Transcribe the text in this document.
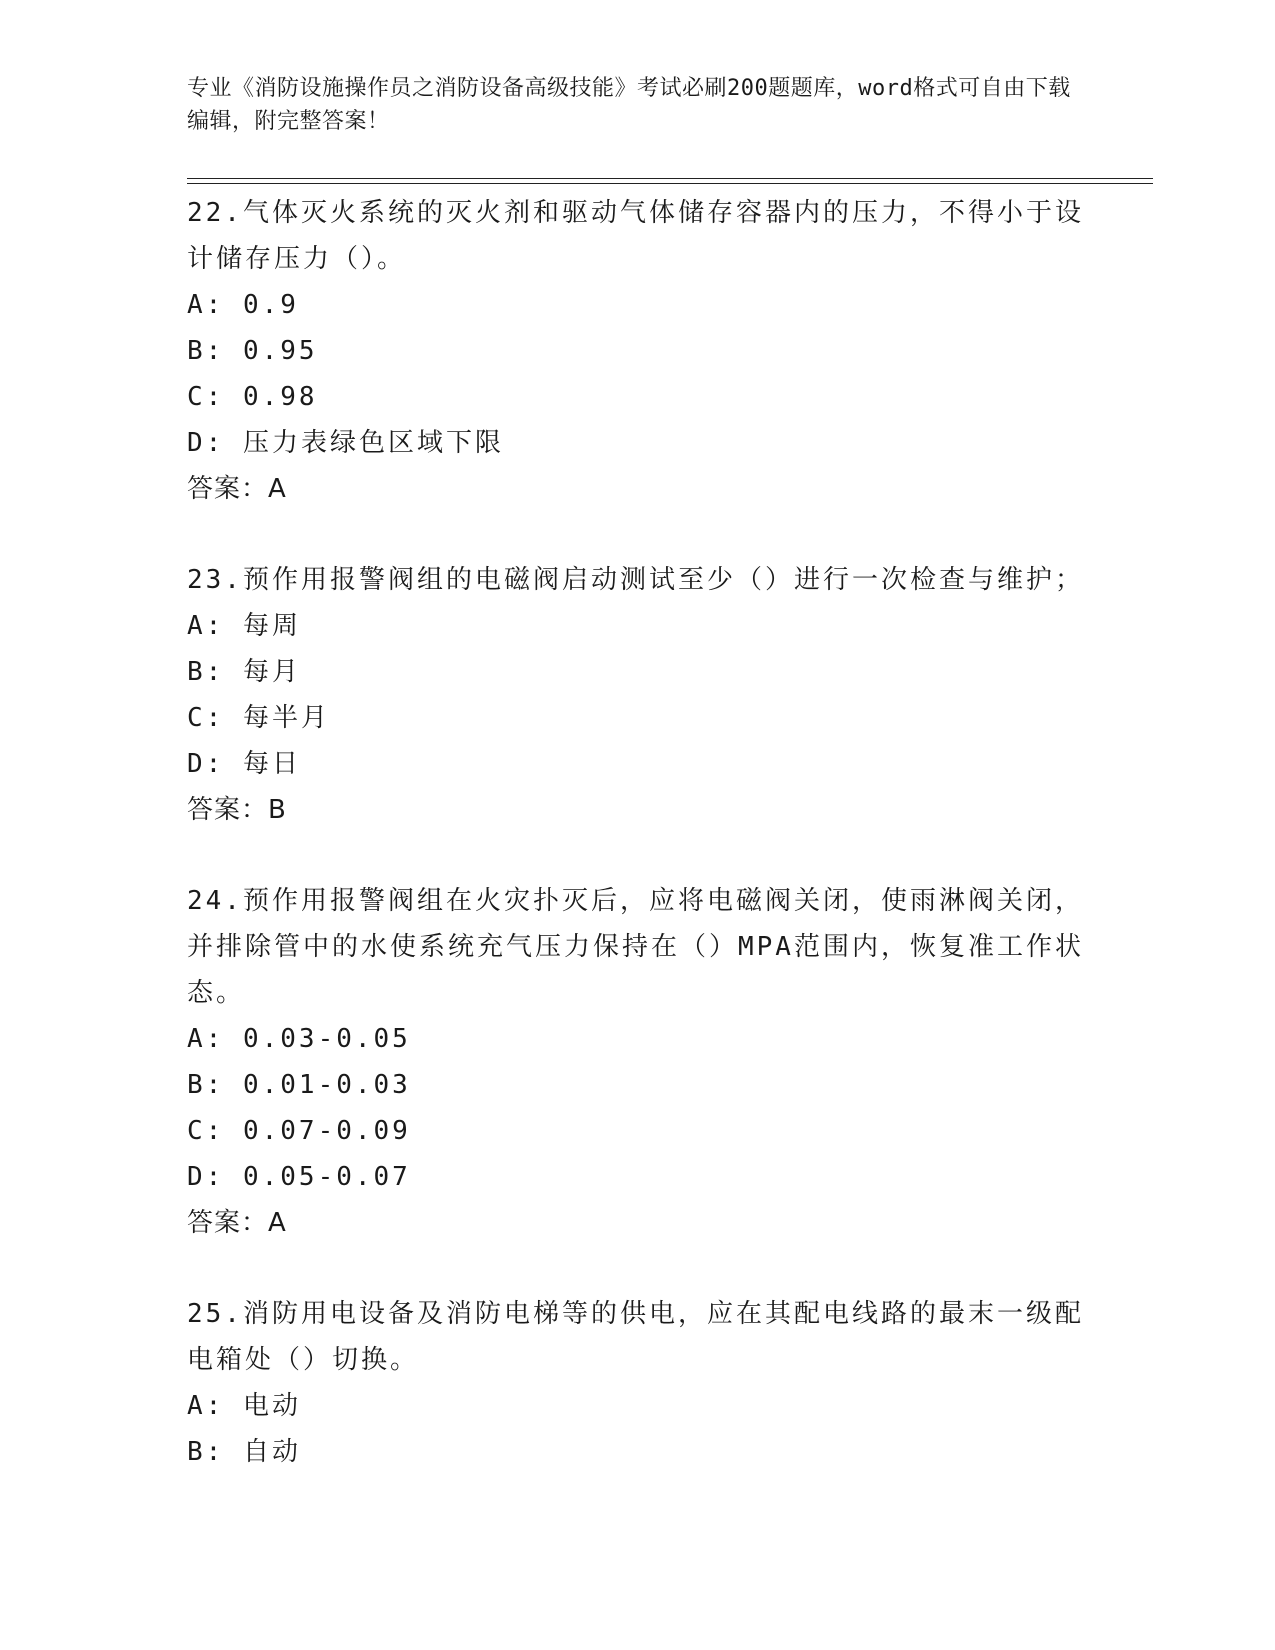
专业《消防设施操作员之消防设备高级技能》考试必刷200题题库，word格式可自由下载编辑，附完整答案！
22.气体灭火系统的灭火剂和驱动气体储存容器内的压力，不得小于设计储存压力（）。
A: 0.9
B: 0.95
C: 0.98
D: 压力表绿色区域下限
答案：A
23.预作用报警阀组的电磁阀启动测试至少（）进行一次检查与维护；
A: 每周
B: 每月
C: 每半月
D: 每日
答案：B
24.预作用报警阀组在火灾扑灭后，应将电磁阀关闭，使雨淋阀关闭，并排除管中的水使系统充气压力保持在（）MPA范围内，恢复准工作状态。
A: 0.03-0.05
B: 0.01-0.03
C: 0.07-0.09
D: 0.05-0.07
答案：A
25.消防用电设备及消防电梯等的供电，应在其配电线路的最末一级配电箱处（）切换。
A: 电动
B: 自动
